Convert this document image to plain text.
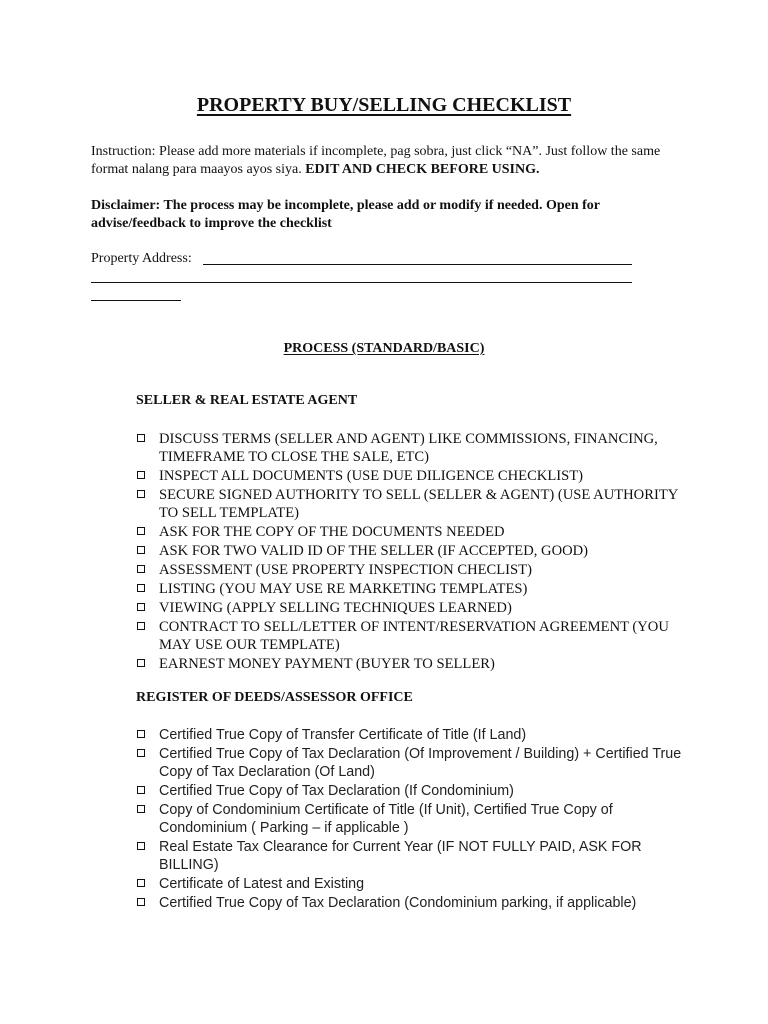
PROPERTY BUY/SELLING CHECKLIST
Instruction: Please add more materials if incomplete, pag sobra, just click “NA”. Just follow the same format nalang para maayos ayos siya. EDIT AND CHECK BEFORE USING.
Disclaimer: The process may be incomplete, please add or modify if needed. Open for advise/feedback to improve the checklist
Property Address:
PROCESS (STANDARD/BASIC)
SELLER & REAL ESTATE AGENT
DISCUSS TERMS (SELLER AND AGENT) LIKE COMMISSIONS, FINANCING, TIMEFRAME TO CLOSE THE SALE, ETC)
INSPECT ALL DOCUMENTS (USE DUE DILIGENCE CHECKLIST)
SECURE SIGNED AUTHORITY TO SELL (SELLER & AGENT) (USE AUTHORITY TO SELL TEMPLATE)
ASK FOR THE COPY OF THE DOCUMENTS NEEDED
ASK FOR TWO VALID ID OF THE SELLER (IF ACCEPTED, GOOD)
ASSESSMENT (USE PROPERTY INSPECTION CHECLIST)
LISTING (YOU MAY USE RE MARKETING TEMPLATES)
VIEWING (APPLY SELLING TECHNIQUES LEARNED)
CONTRACT TO SELL/LETTER OF INTENT/RESERVATION AGREEMENT (YOU MAY USE OUR TEMPLATE)
EARNEST MONEY PAYMENT (BUYER TO SELLER)
REGISTER OF DEEDS/ASSESSOR OFFICE
Certified True Copy of Transfer Certificate of Title (If Land)
Certified True Copy of Tax Declaration (Of Improvement / Building) + Certified True Copy of Tax Declaration (Of Land)
Certified True Copy of Tax Declaration (If Condominium)
Copy of Condominium Certificate of Title (If Unit), Certified True Copy of Condominium ( Parking – if applicable )
Real Estate Tax Clearance for Current Year (IF NOT FULLY PAID, ASK FOR BILLING)
Certificate of Latest and Existing
Certified True Copy of Tax Declaration (Condominium parking, if applicable)
